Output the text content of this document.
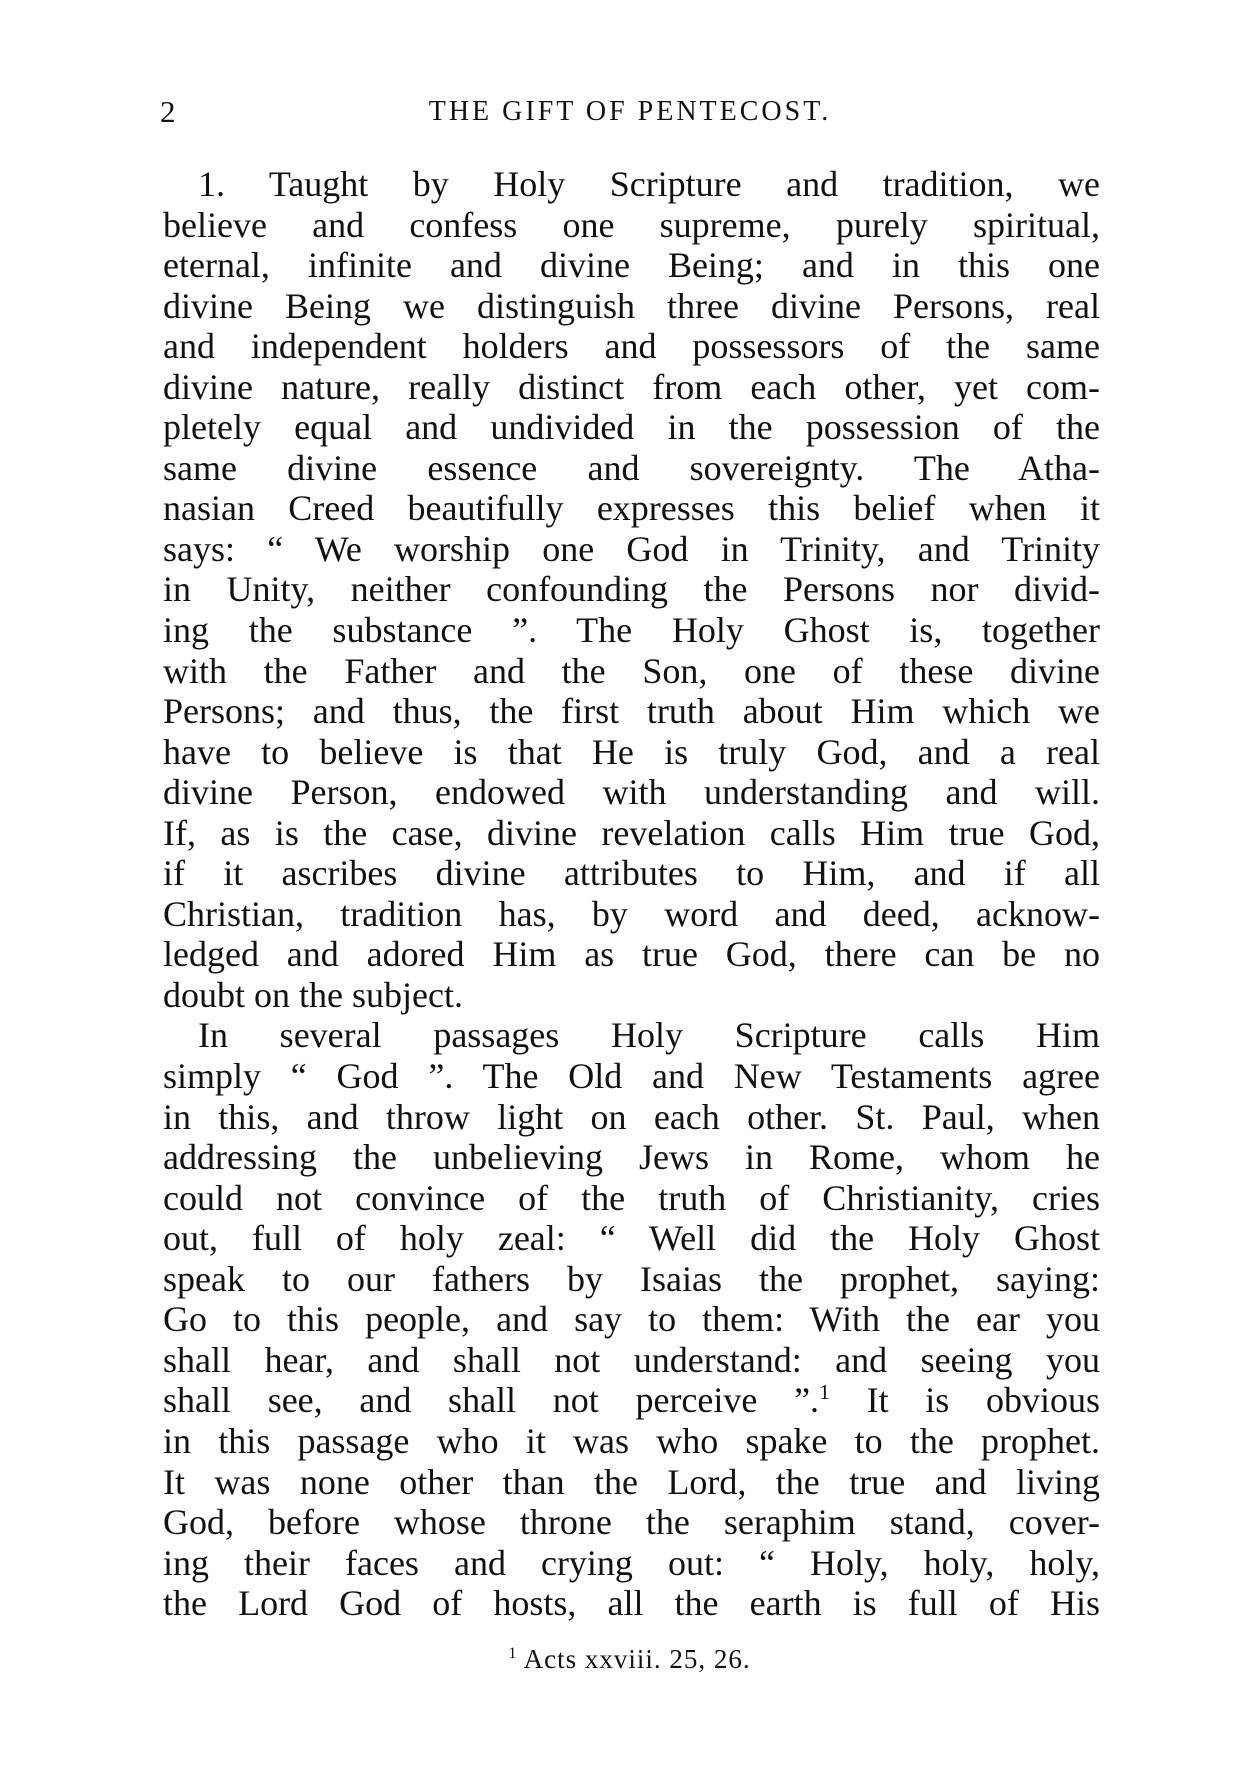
2	THE GIFT OF PENTECOST.
1. Taught by Holy Scripture and tradition, we
believe and confess one supreme, purely spiritual,
eternal, infinite and divine Being; and in this one
divine Being we distinguish three divine Persons, real
and independent holders and possessors of the same
divine nature, really distinct from each other, yet com-
pletely equal and undivided in the possession of the
same divine essence and sovereignty. The Atha-
nasian Creed beautifully expresses this belief when it
says: “ We worship one God in Trinity, and Trinity
in Unity, neither confounding the Persons nor divid-
ing the substance ”. The Holy Ghost is, together
with the Father and the Son, one of these divine
Persons; and thus, the first truth about Him which we
have to believe is that He is truly God, and a real
divine Person, endowed with understanding and will.
If, as is the case, divine revelation calls Him true God,
if it ascribes divine attributes to Him, and if all
Christian, tradition has, by word and deed, acknow-
ledged and adored Him as true God, there can be no
doubt on the subject.
In several passages Holy Scripture calls Him
simply “ God ”. The Old and New Testaments agree
in this, and throw light on each other. St. Paul, when
addressing the unbelieving Jews in Rome, whom he
could not convince of the truth of Christianity, cries
out, full of holy zeal: “ Well did the Holy Ghost
speak to our fathers by Isaias the prophet, saying:
Go to this people, and say to them: With the ear you
shall hear, and shall not understand: and seeing you
shall see, and shall not perceive ”.$^1$ It is obvious
in this passage who it was who spake to the prophet.
It was none other than the Lord, the true and living
God, before whose throne the seraphim stand, cover-
ing their faces and crying out: “ Holy, holy, holy,
the Lord God of hosts, all the earth is full of His
$^1$ Acts xxviii. 25, 26.
